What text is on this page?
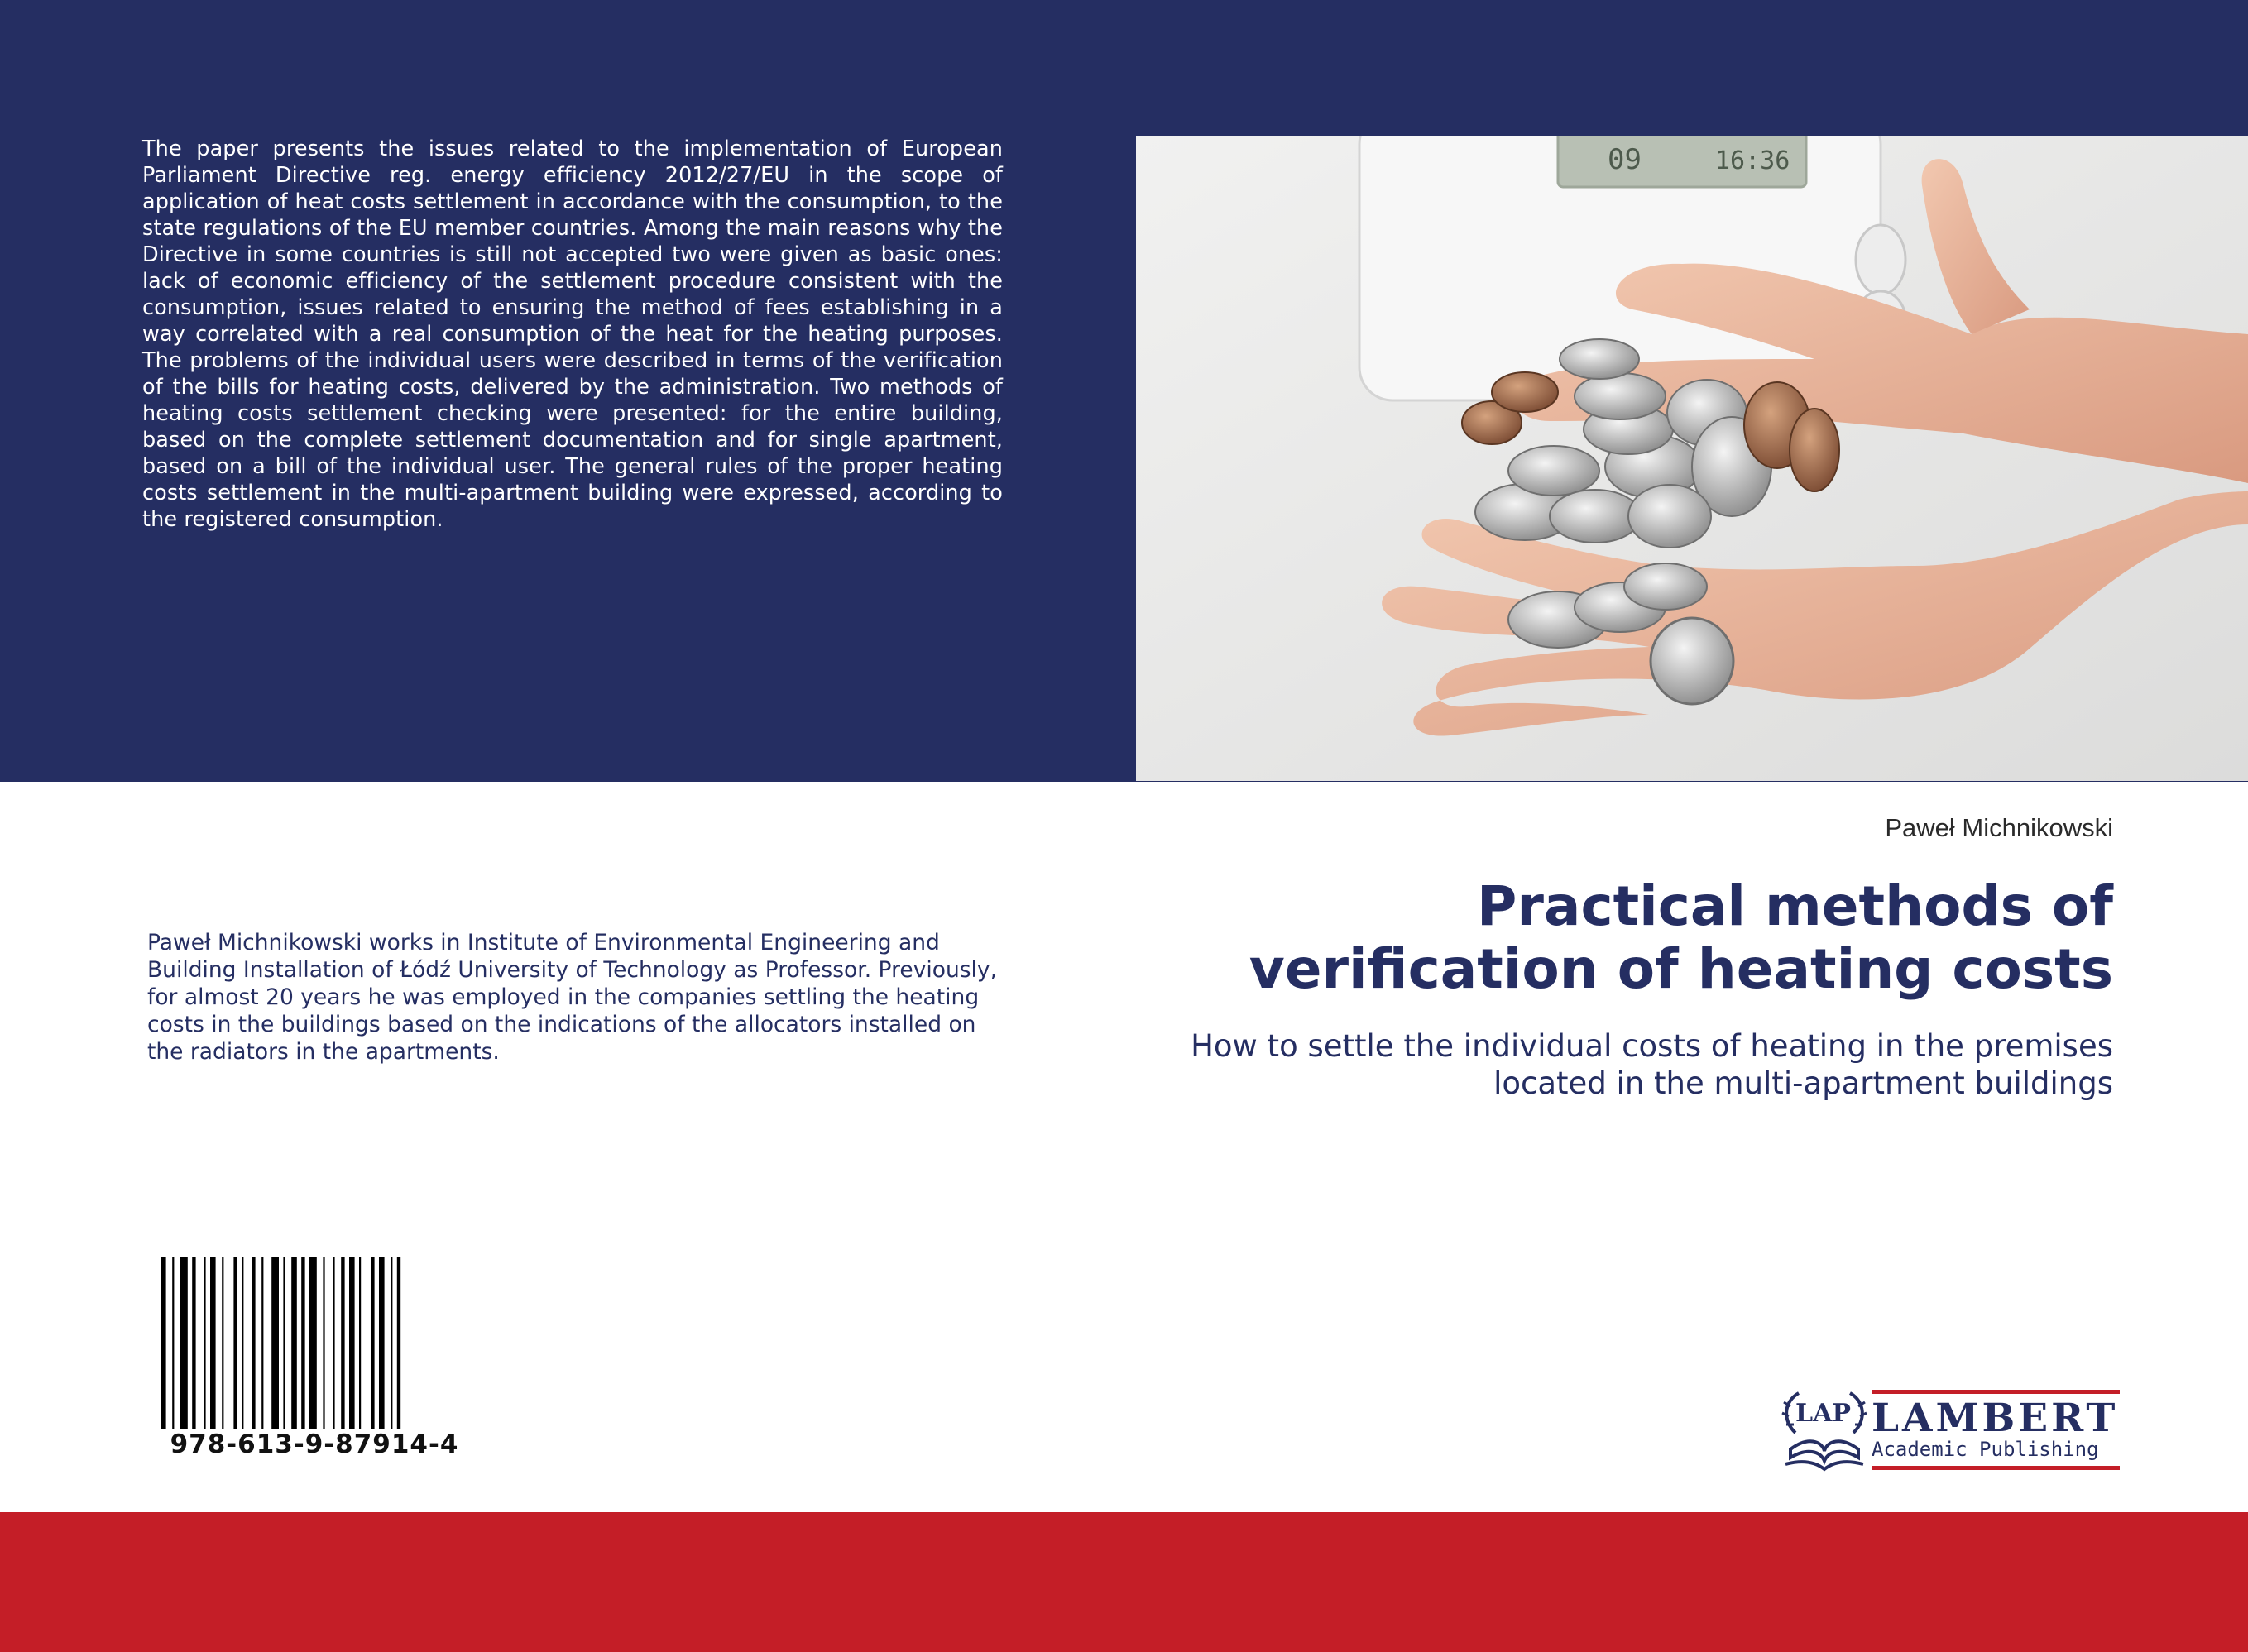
The paper presents the issues related to the implementation of European Parliament Directive reg. energy efficiency 2012/27/EU in the scope of application of heat costs settlement in accordance with the consumption, to the state regulations of the EU member countries. Among the main reasons why the Directive in some countries is still not accepted two were given as basic ones: lack of economic efficiency of the settlement procedure consistent with the consumption, issues related to ensuring the method of fees establishing in a way correlated with a real consumption of the heat for the heating purposes. The problems of the individual users were described in terms of the verification of the bills for heating costs, delivered by the administration. Two methods of heating costs settlement checking were presented: for the entire building, based on the complete settlement documentation and for single apartment, based on a bill of the individual user. The general rules of the proper heating costs settlement in the multi-apartment building were expressed, according to the registered consumption.
09	16:36
Paweł Michnikowski
Practical methods of verification of heating costs
How to settle the individual costs of heating in the premises located in the multi-apartment buildings
Paweł Michnikowski works in Institute of Environmental Engineering and Building Installation of Łódź University of Technology as Professor. Previously, for almost 20 years he was employed in the companies settling the heating costs in the buildings based on the indications of the allocators installed on the radiators in the apartments.
978-613-9-87914-4
LAP LAMBERT
Academic Publishing
